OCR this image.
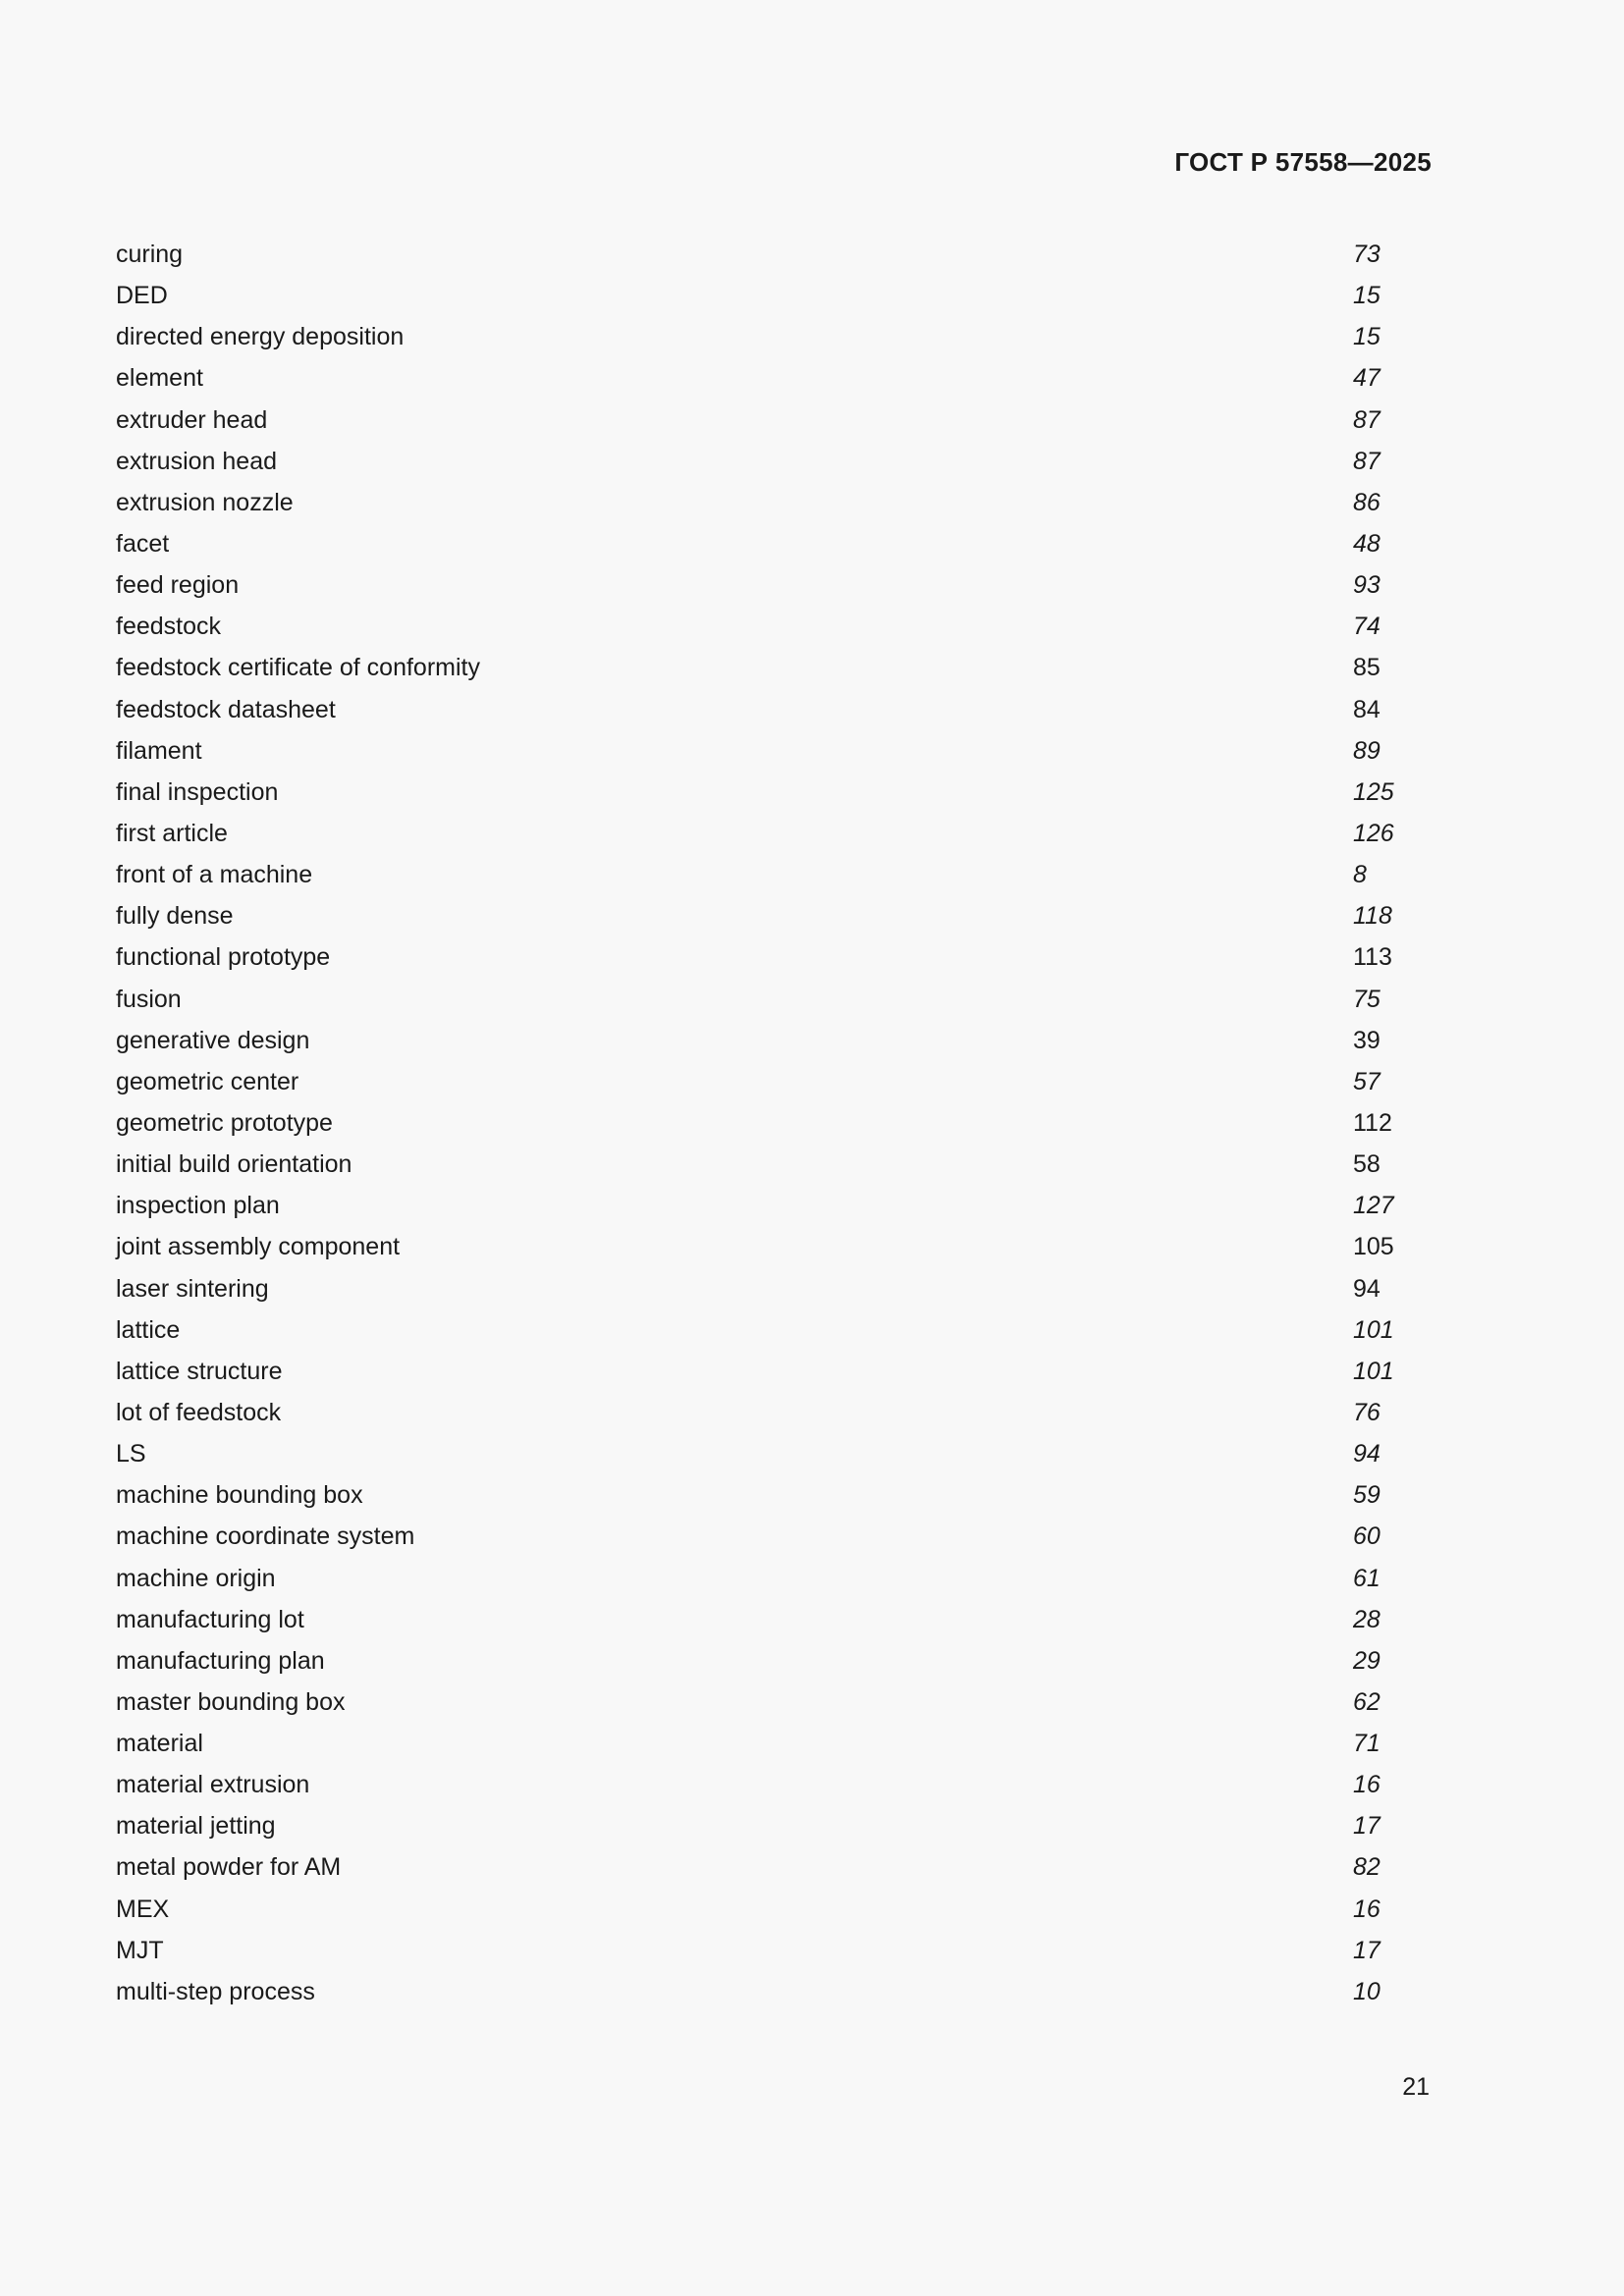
ГОСТ Р 57558—2025
curing	73
DED	15
directed energy deposition	15
element	47
extruder head	87
extrusion head	87
extrusion nozzle	86
facet	48
feed region	93
feedstock	74
feedstock certificate of conformity	85
feedstock datasheet	84
filament	89
final inspection	125
first article	126
front of a machine	8
fully dense	118
functional prototype	113
fusion	75
generative design	39
geometric center	57
geometric prototype	112
initial build orientation	58
inspection plan	127
joint assembly component	105
laser sintering	94
lattice	101
lattice structure	101
lot of feedstock	76
LS	94
machine bounding box	59
machine coordinate system	60
machine origin	61
manufacturing lot	28
manufacturing plan	29
master bounding box	62
material	71
material extrusion	16
material jetting	17
metal powder for AM	82
MEX	16
MJT	17
multi-step process	10
21
